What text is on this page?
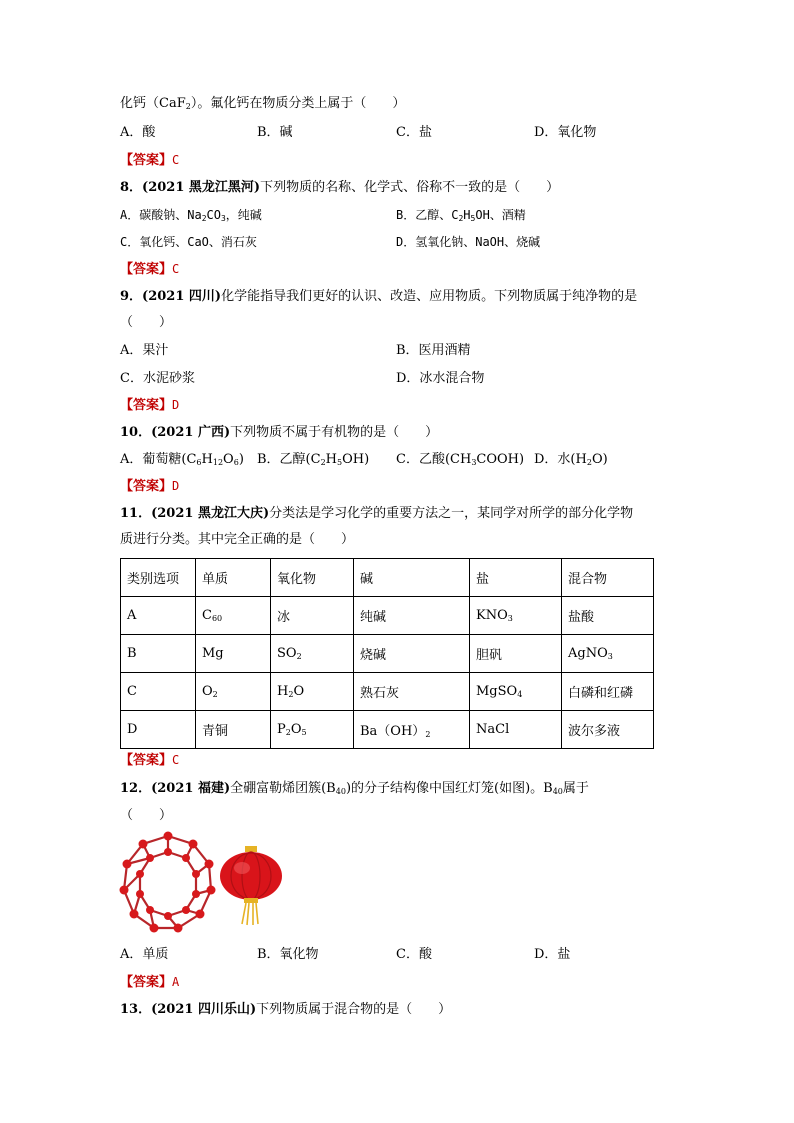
化钙（CaF$_2$）。氟化钙在物质分类上属于（　　）
A．酸	B．碱	C．盐	D．氧化物
【答案】C
8．(2021 黑龙江黑河)下列物质的名称、化学式、俗称不一致的是（　　）
A．碳酸钠、$Na_2CO_3$，纯碱	B．乙醇、$C_2H_5OH$、酒精
C．氧化钙、CaO、消石灰	D．氢氧化钠、NaOH、烧碱
【答案】C
9．(2021 四川)化学能指导我们更好的认识、改造、应用物质。下列物质属于纯净物的是
（　　）
A．果汁	B．医用酒精
C．水泥砂浆	D．冰水混合物
【答案】D
10．(2021 广西)下列物质不属于有机物的是（　　）
A．葡萄糖$(C_6H_{12}O_6)$ B．乙醇$(C_2H_5OH)$ C．乙酸$(CH_3COOH)$ D．水$(H_2O)$
【答案】D
11．(2021 黑龙江大庆)分类法是学习化学的重要方法之一，某同学对所学的部分化学物
质进行分类。其中完全正确的是（　　）
类别选项	单质	氧化物	碱	盐	混合物
A	$C_{60}$	冰	纯碱	$KNO_3$	盐酸
B	Mg	$SO_2$	烧碱	胆矾	AgNO$_3$
C	$O_2$	$H_2O$	熟石灰	MgSO$_4$	白磷和红磷
D	青铜	$P_2O_5$	$Ba(OH)_2$	NaCl	波尔多液
【答案】C
12．(2021 福建)全硼富勒烯团簇$(B_{40})$的分子结构像中国红灯笼(如图)。$B_{40}$属于
（　　）
A．单质	B．氧化物	C．酸	D．盐
【答案】A
13．(2021 四川乐山)下列物质属于混合物的是（　　）
